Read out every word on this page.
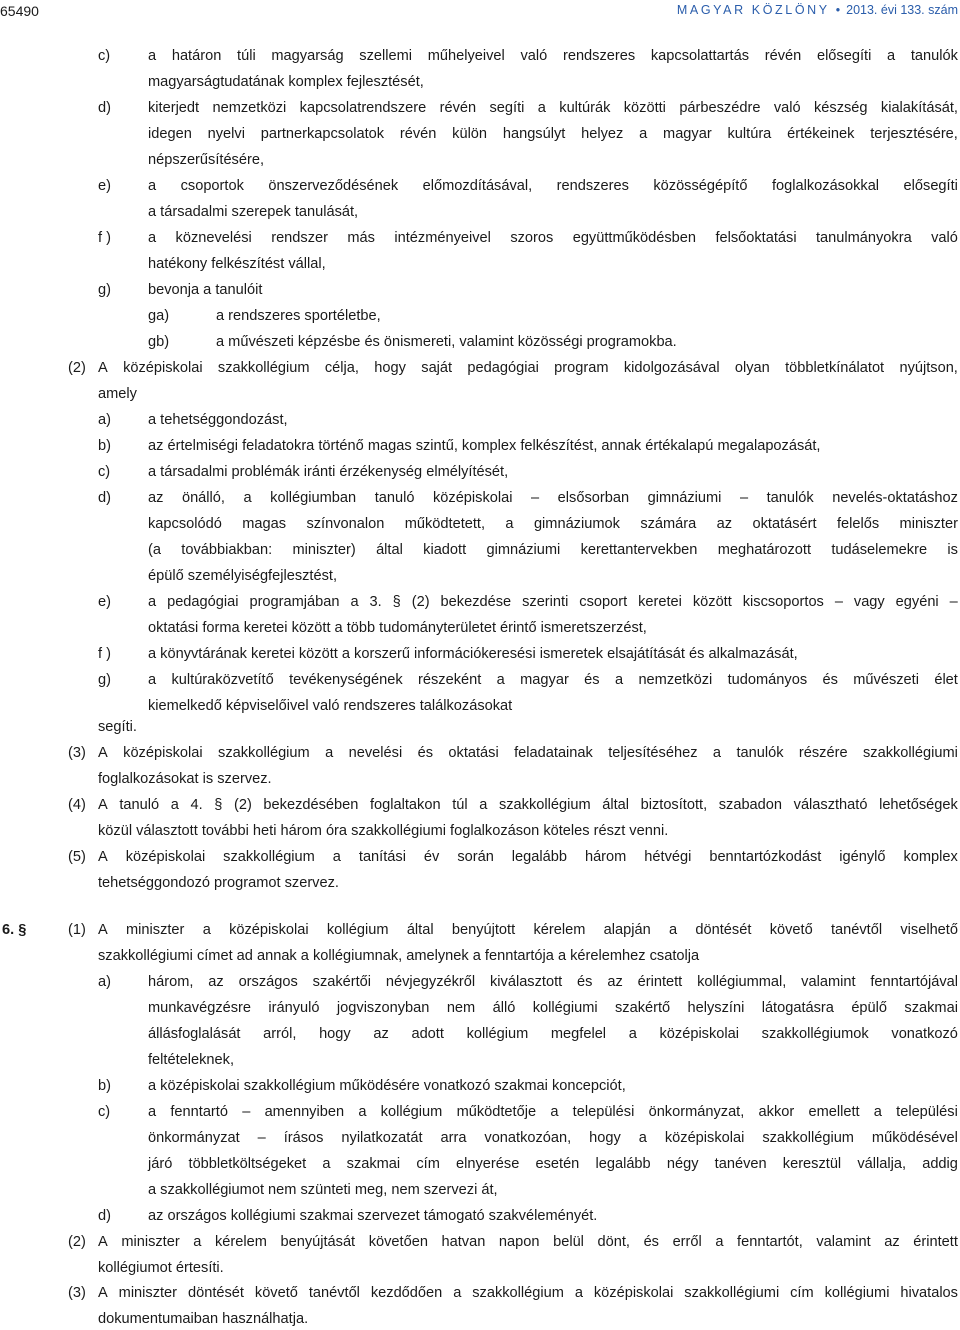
65490	MAGYAR KÖZLÖNY • 2013. évi 133. szám
6. §
c)	a határon túli magyarság szellemi műhelyeivel való rendszeres kapcsolattartás révén elősegíti a tanulók
magyarságtudatának komplex fejlesztését,
d)	kiterjedt nemzetközi kapcsolatrendszere révén segíti a kultúrák közötti párbeszédre való készség kialakítását,
idegen nyelvi partnerkapcsolatok révén külön hangsúlyt helyez a magyar kultúra értékeinek terjesztésére,
népszerűsítésére,
e)	a csoportok önszerveződésének előmozdításával, rendszeres közösségépítő foglalkozásokkal elősegíti
a társadalmi szerepek tanulását,
f )	a köznevelési rendszer más intézményeivel szoros együttműködésben felsőoktatási tanulmányokra való
hatékony felkészítést vállal,
g)	bevonja a tanulóit
ga)	a rendszeres sportéletbe,
gb)	a művészeti képzésbe és önismereti, valamint közösségi programokba.
(2) A középiskolai szakkollégium célja, hogy saját pedagógiai program kidolgozásával olyan többletkínálatot nyújtson,
amely
a)	a tehetséggondozást,
b)	az értelmiségi feladatokra történő magas szintű, komplex felkészítést, annak értékalapú megalapozását,
c)	a társadalmi problémák iránti érzékenység elmélyítését,
d)	az önálló, a kollégiumban tanuló középiskolai – elsősorban gimnáziumi – tanulók nevelés-oktatáshoz
kapcsolódó magas színvonalon működtetett, a gimnáziumok számára az oktatásért felelős miniszter
(a továbbiakban: miniszter) által kiadott gimnáziumi kerettantervekben meghatározott tudáselemekre is
épülő személyiségfejlesztést,
e)	a pedagógiai programjában a 3. § (2) bekezdése szerinti csoport keretei között kiscsoportos – vagy egyéni –
oktatási forma keretei között a több tudományterületet érintő ismeretszerzést,
f )	a könyvtárának keretei között a korszerű információkeresési ismeretek elsajátítását és alkalmazását,
g)	a kultúraközvetítő tevékenységének részeként a magyar és a nemzetközi tudományos és művészeti élet
kiemelkedő képviselőivel való rendszeres találkozásokat
segíti.
(3) A középiskolai szakkollégium a nevelési és oktatási feladatainak teljesítéséhez a tanulók részére szakkollégiumi
foglalkozásokat is szervez.
(4) A tanuló a 4. § (2) bekezdésében foglaltakon túl a szakkollégium által biztosított, szabadon választható lehetőségek
közül választott további heti három óra szakkollégiumi foglalkozáson köteles részt venni.
(5) A középiskolai szakkollégium a tanítási év során legalább három hétvégi benntartózkodást igénylő komplex
tehetséggondozó programot szervez.
(1) A miniszter a középiskolai kollégium által benyújtott kérelem alapján a döntését követő tanévtől viselhető
szakkollégiumi címet ad annak a kollégiumnak, amelynek a fenntartója a kérelemhez csatolja
a)	három, az országos szakértői névjegyzékről kiválasztott és az érintett kollégiummal, valamint fenntartójával
munkavégzésre irányuló jogviszonyban nem álló kollégiumi szakértő helyszíni látogatásra épülő szakmai
állásfoglalását arról, hogy az adott kollégium megfelel a középiskolai szakkollégiumok vonatkozó
feltételeknek,
b)	a középiskolai szakkollégium működésére vonatkozó szakmai koncepciót,
c)	a fenntartó – amennyiben a kollégium működtetője a települési önkormányzat, akkor emellett a települési
önkormányzat – írásos nyilatkozatát arra vonatkozóan, hogy a középiskolai szakkollégium működésével
járó többletköltségeket a szakmai cím elnyerése esetén legalább négy tanéven keresztül vállalja, addig
a szakkollégiumot nem szünteti meg, nem szervezi át,
d)	az országos kollégiumi szakmai szervezet támogató szakvéleményét.
(2) A miniszter a kérelem benyújtását követően hatvan napon belül dönt, és erről a fenntartót, valamint az érintett
kollégiumot értesíti.
(3) A miniszter döntését követő tanévtől kezdődően a szakkollégium a középiskolai szakkollégiumi cím kollégiumi hivatalos
dokumentumaiban használhatja.
